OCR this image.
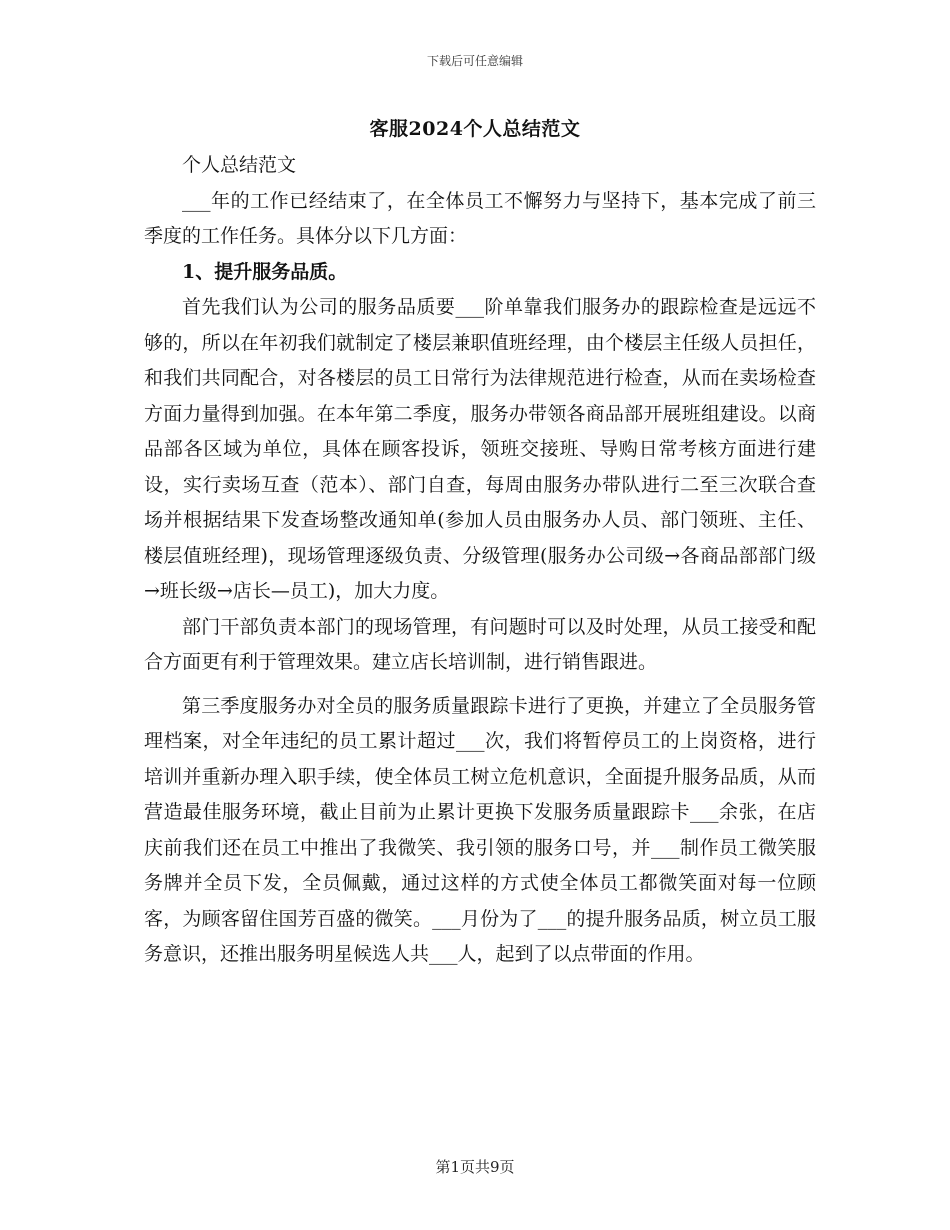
下载后可任意编辑
客服2024个人总结范文

个人总结范文

___年的工作已经结束了，在全体员工不懈努力与坚持下，基本完成了前三季度的工作任务。具体分以下几方面：

1、提升服务品质。

首先我们认为公司的服务品质要___阶单靠我们服务办的跟踪检查是远远不够的，所以在年初我们就制定了楼层兼职值班经理，由个楼层主任级人员担任，和我们共同配合，对各楼层的员工日常行为法律规范进行检查，从而在卖场检查方面力量得到加强。在本年第二季度，服务办带领各商品部开展班组建设。以商品部各区域为单位，具体在顾客投诉，领班交接班、导购日常考核方面进行建设，实行卖场互查（范本）、部门自查，每周由服务办带队进行二至三次联合查场并根据结果下发查场整改通知单(参加人员由服务办人员、部门领班、主任、楼层值班经理)，现场管理逐级负责、分级管理(服务办公司级→各商品部部门级→班长级→店长—员工)，加大力度。

部门干部负责本部门的现场管理，有问题时可以及时处理，从员工接受和配合方面更有利于管理效果。建立店长培训制，进行销售跟进。

第三季度服务办对全员的服务质量跟踪卡进行了更换，并建立了全员服务管理档案，对全年违纪的员工累计超过___次，我们将暂停员工的上岗资格，进行培训并重新办理入职手续，使全体员工树立危机意识，全面提升服务品质，从而营造最佳服务环境，截止目前为止累计更换下发服务质量跟踪卡___余张，在店庆前我们还在员工中推出了我微笑、我引领的服务口号，并___制作员工微笑服务牌并全员下发，全员佩戴，通过这样的方式使全体员工都微笑面对每一位顾客，为顾客留住国芳百盛的微笑。___月份为了___的提升服务品质，树立员工服务意识，还推出服务明星候选人共___人，起到了以点带面的作用。

第1页共9页
